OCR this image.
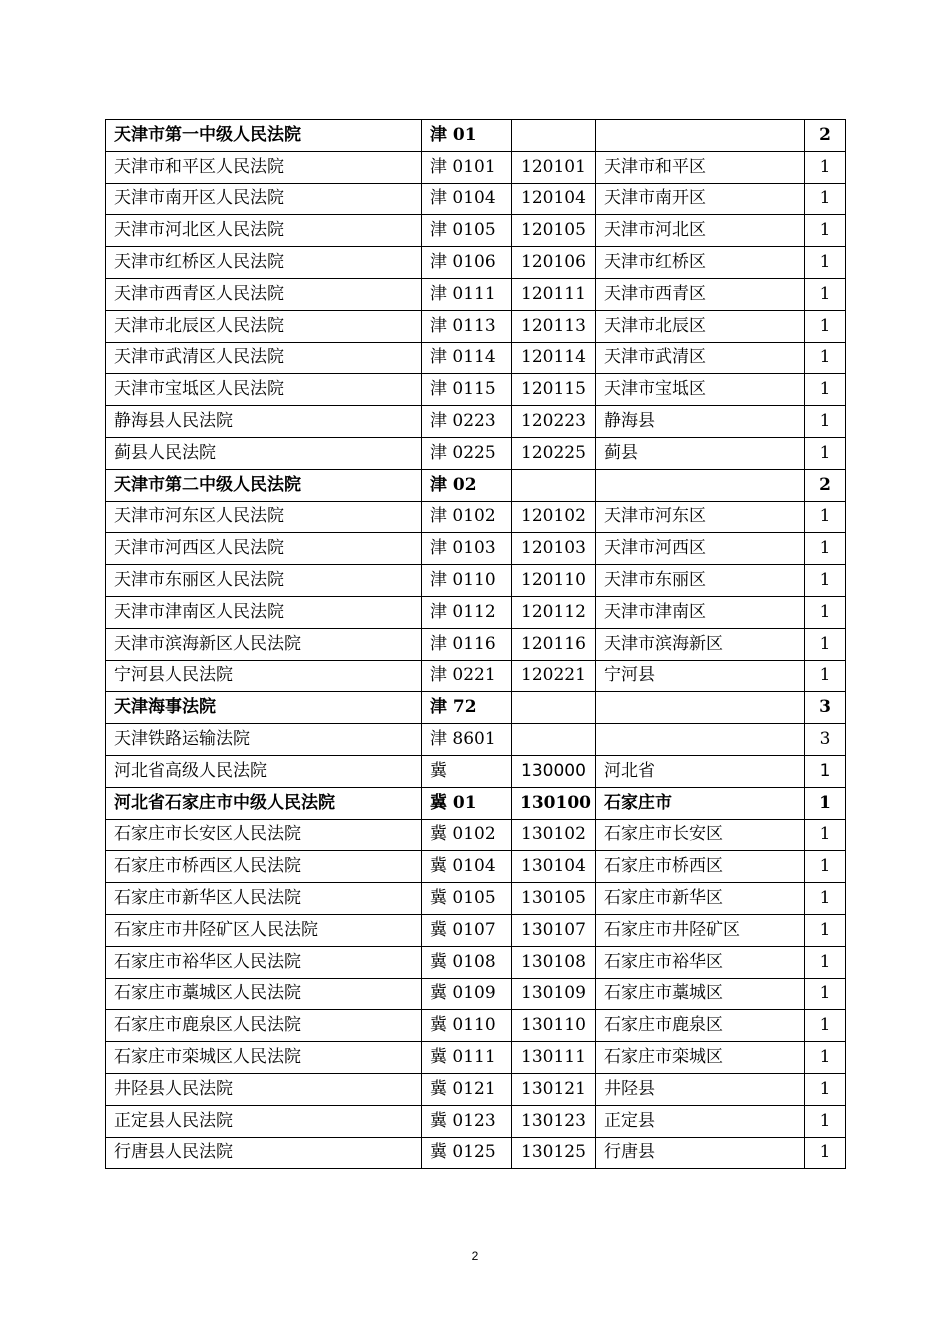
天津市第一中级人民法院	津 01			2
天津市和平区人民法院	津 0101	120101	天津市和平区	1
天津市南开区人民法院	津 0104	120104	天津市南开区	1
天津市河北区人民法院	津 0105	120105	天津市河北区	1
天津市红桥区人民法院	津 0106	120106	天津市红桥区	1
天津市西青区人民法院	津 0111	120111	天津市西青区	1
天津市北辰区人民法院	津 0113	120113	天津市北辰区	1
天津市武清区人民法院	津 0114	120114	天津市武清区	1
天津市宝坻区人民法院	津 0115	120115	天津市宝坻区	1
静海县人民法院	津 0223	120223	静海县	1
蓟县人民法院	津 0225	120225	蓟县	1
天津市第二中级人民法院	津 02			2
天津市河东区人民法院	津 0102	120102	天津市河东区	1
天津市河西区人民法院	津 0103	120103	天津市河西区	1
天津市东丽区人民法院	津 0110	120110	天津市东丽区	1
天津市津南区人民法院	津 0112	120112	天津市津南区	1
天津市滨海新区人民法院	津 0116	120116	天津市滨海新区	1
宁河县人民法院	津 0221	120221	宁河县	1
天津海事法院	津 72			3
天津铁路运输法院	津 8601			3
河北省高级人民法院	冀	130000	河北省	1
河北省石家庄市中级人民法院	冀 01	130100	石家庄市	1
石家庄市长安区人民法院	冀 0102	130102	石家庄市长安区	1
石家庄市桥西区人民法院	冀 0104	130104	石家庄市桥西区	1
石家庄市新华区人民法院	冀 0105	130105	石家庄市新华区	1
石家庄市井陉矿区人民法院	冀 0107	130107	石家庄市井陉矿区	1
石家庄市裕华区人民法院	冀 0108	130108	石家庄市裕华区	1
石家庄市藁城区人民法院	冀 0109	130109	石家庄市藁城区	1
石家庄市鹿泉区人民法院	冀 0110	130110	石家庄市鹿泉区	1
石家庄市栾城区人民法院	冀 0111	130111	石家庄市栾城区	1
井陉县人民法院	冀 0121	130121	井陉县	1
正定县人民法院	冀 0123	130123	正定县	1
行唐县人民法院	冀 0125	130125	行唐县	1
2
